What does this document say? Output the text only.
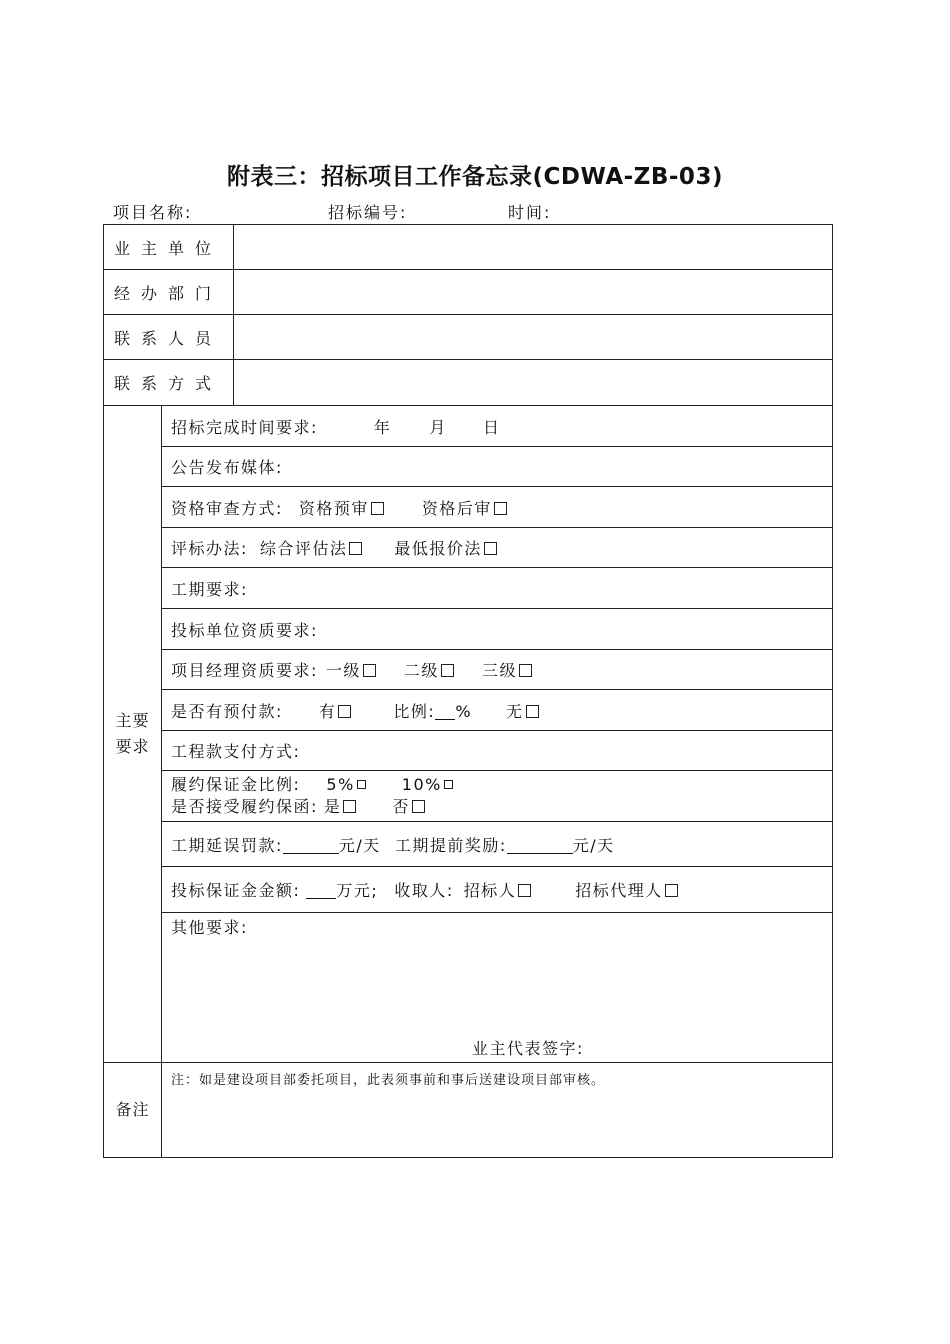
附表三：招标项目工作备忘录(CDWA-ZB-03)
项目名称:	招标编号:	时间:
业主单位		
经办部门		
联系人员		
联系方式		

主要
要求	招标完成时间要求: 年 月 日	
	公告发布媒体:	
	资格审查方式: 资格预审 资格后审	
	评标办法: 综合评估法 最低报价法	
	工期要求:	
	投标单位资质要求:	
	项目经理资质要求: 一级 二级 三级	
	是否有预付款: 有 比例: % 无	
	工程款支付方式:	

	履约保证金比例: 5% 10%
是否接受履约保函: 是 否	

	工期延误罚款: 元/天 工期提前奖励: 元/天	
	投标保证金金额: 万元; 收取人: 招标人 招标代理人	
	其他要求:
业主代表签字:	

备注	注：如是建设项目部委托项目，此表须事前和事后送建设项目部审核。	
